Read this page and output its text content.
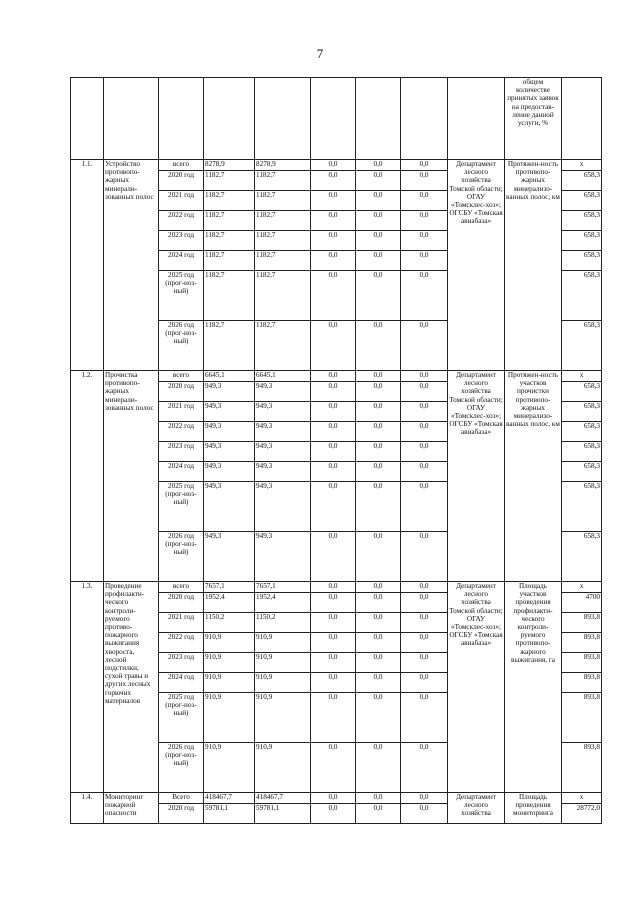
7
									общем количестве принятых заявок на предостав-ление данной услуги, %	
1.1.	Устройство противопо-жарных минерали-зованных полос	всего	8278,9	8278,9	0,0	0,0	0,0	Департамент лесного хозяйства Томской области; ОГАУ «Томсклес-хоз»; ОГСБУ «Томская авиабаза»	Протяжен-ность противопо-жарных минерализо-ванных полос, км	x
		2020 год	1182,7	1182,7	0,0	0,0	0,0			658,3
		2021 год	1182,7	1182,7	0,0	0,0	0,0			658,3
		2022 год	1182,7	1182,7	0,0	0,0	0,0			658,3
		2023 год	1182,7	1182,7	0,0	0,0	0,0			658,3
		2024 год	1182,7	1182,7	0,0	0,0	0,0			658,3
		2025 год (прог-ноз-ный)	1182,7	1182,7	0,0	0,0	0,0			658,3
		2026 год (прог-ноз-ный)	1182,7	1182,7	0,0	0,0	0,0			658,3
1.2.	Прочистка противопо-жарных минерали-зованных полос	всего	6645,1	6645,1	0,0	0,0	0,0	Департамент лесного хозяйства Томской области; ОГАУ «Томсклес-хоз»; ОГСБУ «Томская авиабаза»	Протяжен-ность участков прочистки противопо-жарных минерализо-ванных полос, км	x
		2020 год	949,3	949,3	0,0	0,0	0,0			658,3
		2021 год	949,3	949,3	0,0	0,0	0,0			658,3
		2022 год	949,3	949,3	0,0	0,0	0,0			658,3
		2023 год	949,3	949,3	0,0	0,0	0,0			658,3
		2024 год	949,3	949,3	0,0	0,0	0,0			658,3
		2025 год (прог-ноз-ный)	949,3	949,3	0,0	0,0	0,0			658,3
		2026 год (прог-ноз-ный)	949,3	949,3	0,0	0,0	0,0			658,3
1.3.	Проведение профилакти-ческого контроли-руемого противо-пожарного выжигания хвороста, лесной подстилки, сухой травы и других лесных горючих материалов	всего	7657,1	7657,1	0,0	0,0	0,0	Департамент лесного хозяйства Томской области; ОГАУ «Томсклес-хоз»; ОГСБУ «Томская авиабаза»	Площадь участков проведения профилакти-ческого контроли-руемого противопо-жарного выжигания, га	x
		2020 год	1952,4	1952,4	0,0	0,0	0,0			4700
		2021 год	1150,2	1150,2	0,0	0,0	0,0			893,8
		2022 год	910,9	910,9	0,0	0,0	0,0			893,8
		2023 год	910,9	910,9	0,0	0,0	0,0			893,8
		2024 год	910,9	910,9	0,0	0,0	0,0			893,8
		2025 год (прог-ноз-ный)	910,9	910,9	0,0	0,0	0,0			893,8
		2026 год (прог-ноз-ный)	910,9	910,9	0,0	0,0	0,0			893,8
1.4.	Мониторинг пожарной опасности	Всего	418467,7	418467,7	0,0	0,0	0,0	Департамент лесного хозяйства	Площадь проведения мониторинга	x
		2020 год	59781,1	59781,1	0,0	0,0	0,0			28772,0
